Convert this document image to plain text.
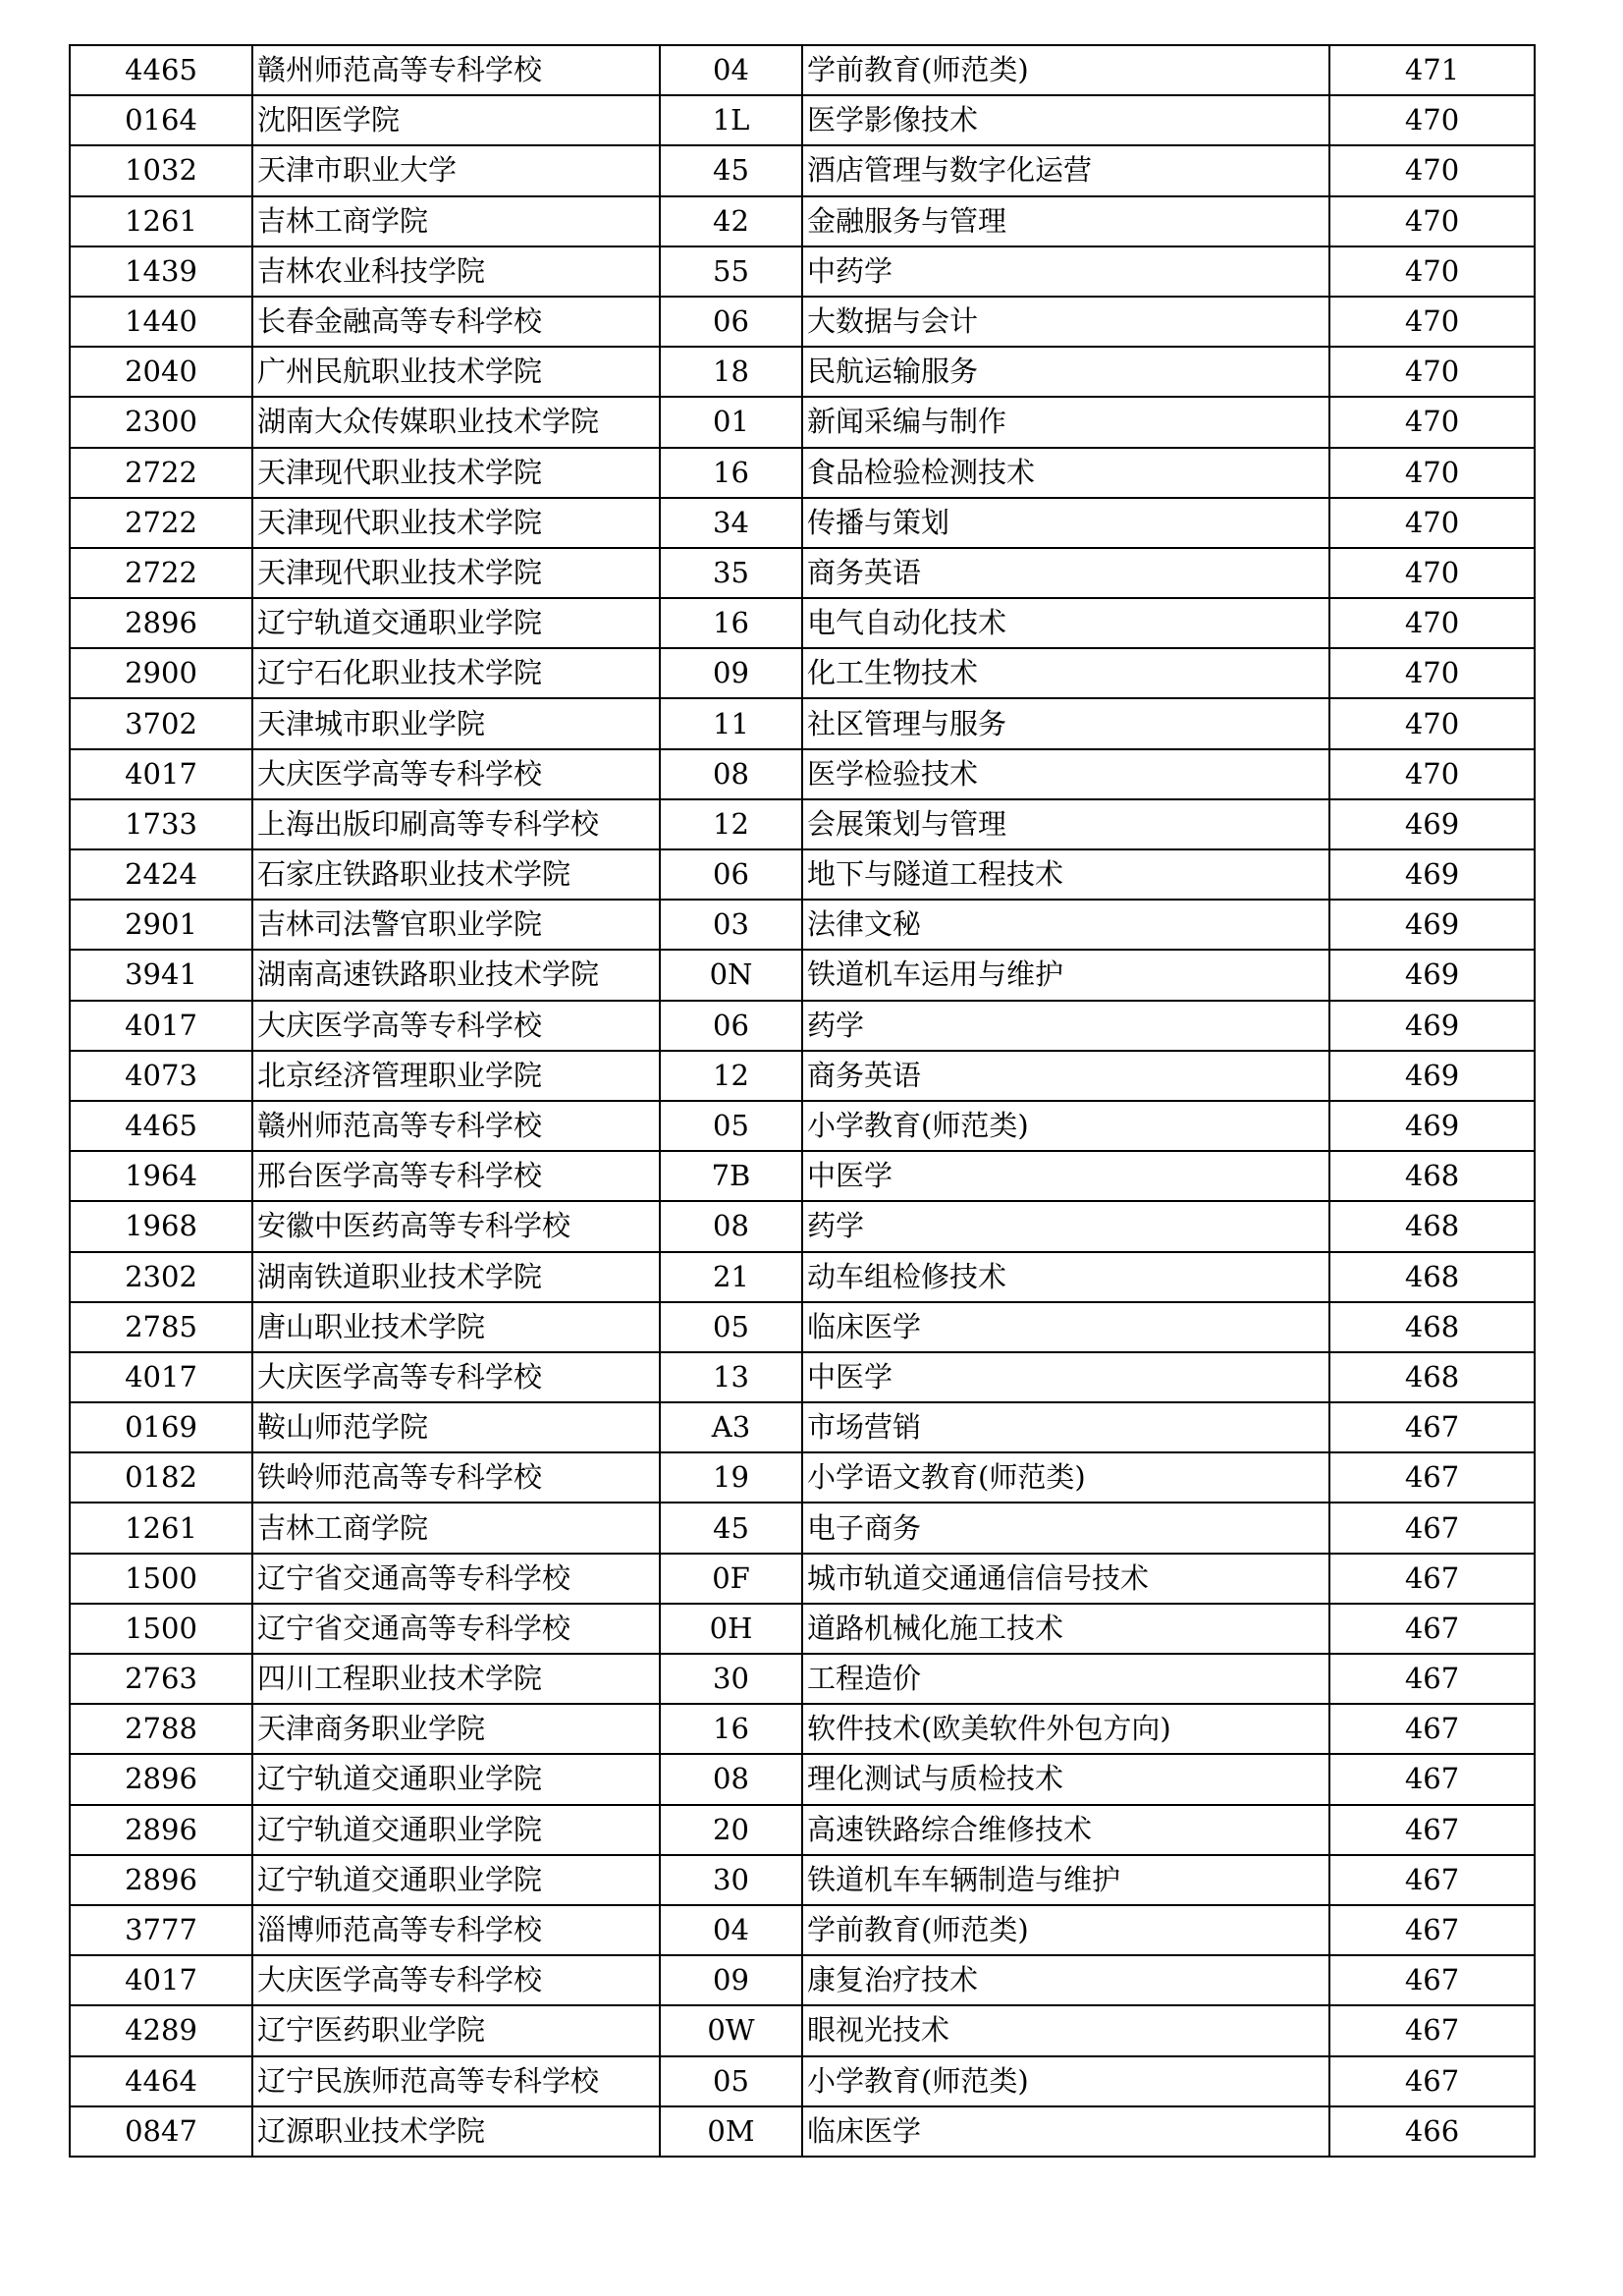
4465	赣州师范高等专科学校	04	学前教育(师范类)	471
0164	沈阳医学院	1L	医学影像技术	470
1032	天津市职业大学	45	酒店管理与数字化运营	470
1261	吉林工商学院	42	金融服务与管理	470
1439	吉林农业科技学院	55	中药学	470
1440	长春金融高等专科学校	06	大数据与会计	470
2040	广州民航职业技术学院	18	民航运输服务	470
2300	湖南大众传媒职业技术学院	01	新闻采编与制作	470
2722	天津现代职业技术学院	16	食品检验检测技术	470
2722	天津现代职业技术学院	34	传播与策划	470
2722	天津现代职业技术学院	35	商务英语	470
2896	辽宁轨道交通职业学院	16	电气自动化技术	470
2900	辽宁石化职业技术学院	09	化工生物技术	470
3702	天津城市职业学院	11	社区管理与服务	470
4017	大庆医学高等专科学校	08	医学检验技术	470
1733	上海出版印刷高等专科学校	12	会展策划与管理	469
2424	石家庄铁路职业技术学院	06	地下与隧道工程技术	469
2901	吉林司法警官职业学院	03	法律文秘	469
3941	湖南高速铁路职业技术学院	0N	铁道机车运用与维护	469
4017	大庆医学高等专科学校	06	药学	469
4073	北京经济管理职业学院	12	商务英语	469
4465	赣州师范高等专科学校	05	小学教育(师范类)	469
1964	邢台医学高等专科学校	7B	中医学	468
1968	安徽中医药高等专科学校	08	药学	468
2302	湖南铁道职业技术学院	21	动车组检修技术	468
2785	唐山职业技术学院	05	临床医学	468
4017	大庆医学高等专科学校	13	中医学	468
0169	鞍山师范学院	A3	市场营销	467
0182	铁岭师范高等专科学校	19	小学语文教育(师范类)	467
1261	吉林工商学院	45	电子商务	467
1500	辽宁省交通高等专科学校	0F	城市轨道交通通信信号技术	467
1500	辽宁省交通高等专科学校	0H	道路机械化施工技术	467
2763	四川工程职业技术学院	30	工程造价	467
2788	天津商务职业学院	16	软件技术(欧美软件外包方向)	467
2896	辽宁轨道交通职业学院	08	理化测试与质检技术	467
2896	辽宁轨道交通职业学院	20	高速铁路综合维修技术	467
2896	辽宁轨道交通职业学院	30	铁道机车车辆制造与维护	467
3777	淄博师范高等专科学校	04	学前教育(师范类)	467
4017	大庆医学高等专科学校	09	康复治疗技术	467
4289	辽宁医药职业学院	0W	眼视光技术	467
4464	辽宁民族师范高等专科学校	05	小学教育(师范类)	467
0847	辽源职业技术学院	0M	临床医学	466
